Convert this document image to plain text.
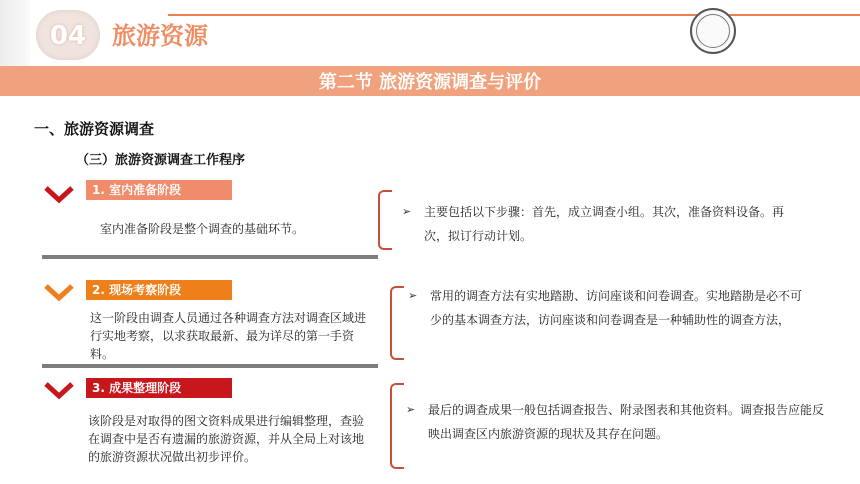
04	旅游资源
第二节 旅游资源调查与评价
一、旅游资源调查
（三）旅游资源调查工作程序
1. 室内准备阶段
室内准备阶段是整个调查的基础环节。
➢	主要包括以下步骤：首先，成立调查小组。其次，准备资料设备。再次，拟订行动计划。
2. 现场考察阶段
这一阶段由调查人员通过各种调查方法对调查区域进行实地考察，以求获取最新、最为详尽的第一手资料。
➢	常用的调查方法有实地踏勘、访问座谈和问卷调查。实地踏勘是必不可少的基本调查方法，访问座谈和问卷调查是一种辅助性的调查方法，
3. 成果整理阶段
该阶段是对取得的图文资料成果进行编辑整理，查验在调查中是否有遗漏的旅游资源，并从全局上对该地的旅游资源状况做出初步评价。
➢	最后的调查成果一般包括调查报告、附录图表和其他资料。调查报告应能反映出调查区内旅游资源的现状及其存在问题。
